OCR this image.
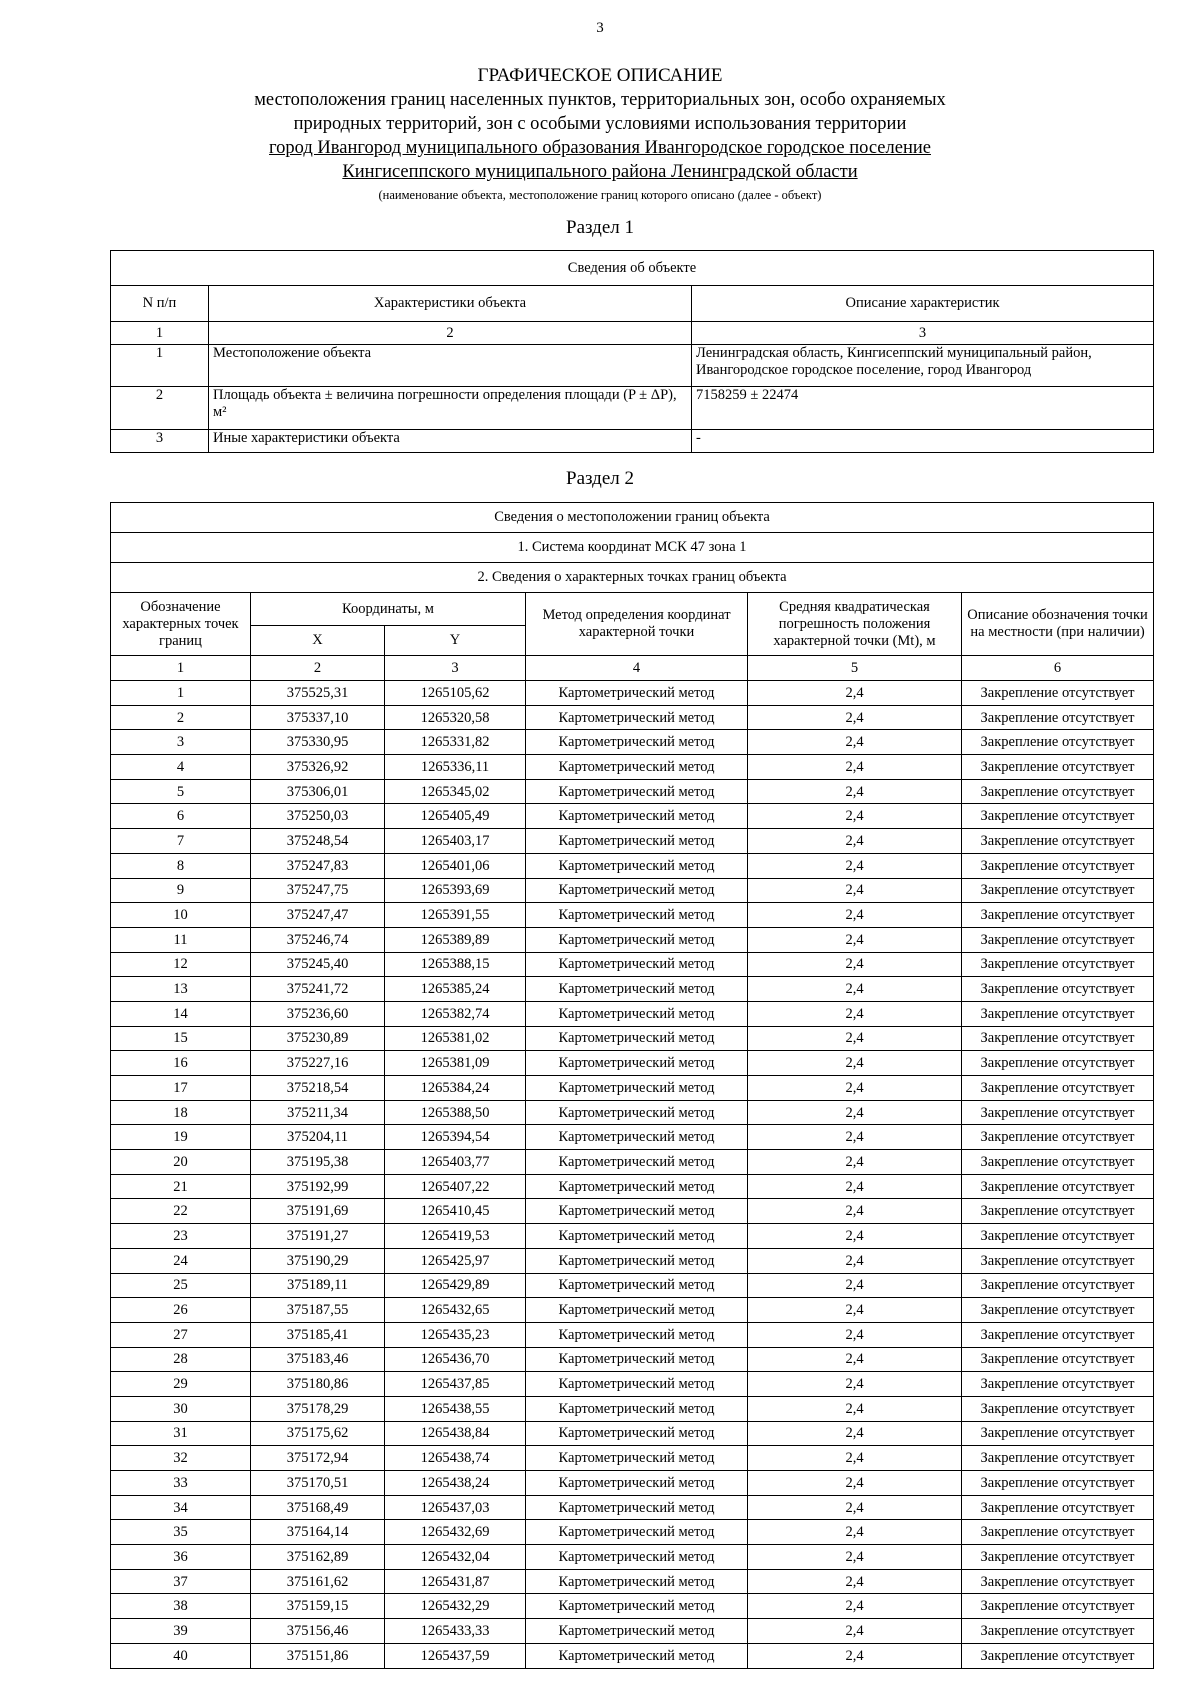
3
ГРАФИЧЕСКОЕ ОПИСАНИЕ
местоположения границ населенных пунктов, территориальных зон, особо охраняемых
природных территорий, зон с особыми условиями использования территории
город Ивангород муниципального образования Ивангородское городское поселение
Кингисеппского муниципального района Ленинградской области
(наименование объекта, местоположение границ которого описано (далее - объект)
Раздел 1
Сведения об объекте		
N п/п	Характеристики объекта	Описание характеристик
1	2	3
1	Местоположение объекта	Ленинградская область, Кингисеппский муниципальный район, Ивангородское городское поселение, город Ивангород
2	Площадь объекта ± величина погрешности определения площади (P ± ΔP), м²	7158259 ± 22474
3	Иные характеристики объекта	-
Раздел 2
Сведения о местоположении границ объекта					
1. Система координат МСК 47 зона 1					
2. Сведения о характерных точках границ объекта					
Обозначение характерных точек границ	Координаты, м		Метод определения координат характерной точки	Средняя квадратическая погрешность положения характерной точки (Mt), м	Описание обозначения точки на местности (при наличии)
	X	Y			
1	2	3	4	5	6
1	375525,31	1265105,62	Картометрический метод	2,4	Закрепление отсутствует
2	375337,10	1265320,58	Картометрический метод	2,4	Закрепление отсутствует
3	375330,95	1265331,82	Картометрический метод	2,4	Закрепление отсутствует
4	375326,92	1265336,11	Картометрический метод	2,4	Закрепление отсутствует
5	375306,01	1265345,02	Картометрический метод	2,4	Закрепление отсутствует
6	375250,03	1265405,49	Картометрический метод	2,4	Закрепление отсутствует
7	375248,54	1265403,17	Картометрический метод	2,4	Закрепление отсутствует
8	375247,83	1265401,06	Картометрический метод	2,4	Закрепление отсутствует
9	375247,75	1265393,69	Картометрический метод	2,4	Закрепление отсутствует
10	375247,47	1265391,55	Картометрический метод	2,4	Закрепление отсутствует
11	375246,74	1265389,89	Картометрический метод	2,4	Закрепление отсутствует
12	375245,40	1265388,15	Картометрический метод	2,4	Закрепление отсутствует
13	375241,72	1265385,24	Картометрический метод	2,4	Закрепление отсутствует
14	375236,60	1265382,74	Картометрический метод	2,4	Закрепление отсутствует
15	375230,89	1265381,02	Картометрический метод	2,4	Закрепление отсутствует
16	375227,16	1265381,09	Картометрический метод	2,4	Закрепление отсутствует
17	375218,54	1265384,24	Картометрический метод	2,4	Закрепление отсутствует
18	375211,34	1265388,50	Картометрический метод	2,4	Закрепление отсутствует
19	375204,11	1265394,54	Картометрический метод	2,4	Закрепление отсутствует
20	375195,38	1265403,77	Картометрический метод	2,4	Закрепление отсутствует
21	375192,99	1265407,22	Картометрический метод	2,4	Закрепление отсутствует
22	375191,69	1265410,45	Картометрический метод	2,4	Закрепление отсутствует
23	375191,27	1265419,53	Картометрический метод	2,4	Закрепление отсутствует
24	375190,29	1265425,97	Картометрический метод	2,4	Закрепление отсутствует
25	375189,11	1265429,89	Картометрический метод	2,4	Закрепление отсутствует
26	375187,55	1265432,65	Картометрический метод	2,4	Закрепление отсутствует
27	375185,41	1265435,23	Картометрический метод	2,4	Закрепление отсутствует
28	375183,46	1265436,70	Картометрический метод	2,4	Закрепление отсутствует
29	375180,86	1265437,85	Картометрический метод	2,4	Закрепление отсутствует
30	375178,29	1265438,55	Картометрический метод	2,4	Закрепление отсутствует
31	375175,62	1265438,84	Картометрический метод	2,4	Закрепление отсутствует
32	375172,94	1265438,74	Картометрический метод	2,4	Закрепление отсутствует
33	375170,51	1265438,24	Картометрический метод	2,4	Закрепление отсутствует
34	375168,49	1265437,03	Картометрический метод	2,4	Закрепление отсутствует
35	375164,14	1265432,69	Картометрический метод	2,4	Закрепление отсутствует
36	375162,89	1265432,04	Картометрический метод	2,4	Закрепление отсутствует
37	375161,62	1265431,87	Картометрический метод	2,4	Закрепление отсутствует
38	375159,15	1265432,29	Картометрический метод	2,4	Закрепление отсутствует
39	375156,46	1265433,33	Картометрический метод	2,4	Закрепление отсутствует
40	375151,86	1265437,59	Картометрический метод	2,4	Закрепление отсутствует
